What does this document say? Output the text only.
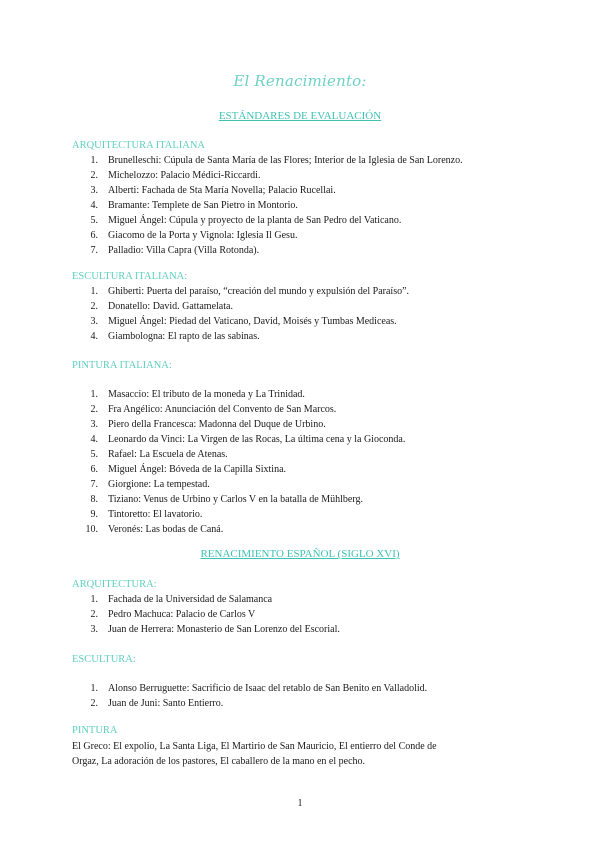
El Renacimiento:
ESTÁNDARES DE EVALUACIÓN
ARQUITECTURA ITALIANA
1. Brunelleschi: Cúpula de Santa María de las Flores; Interior de la Iglesia de San Lorenzo.
2. Michelozzo: Palacio Médici-Riccardi.
3. Alberti: Fachada de Sta María Novella; Palacio Rucellai.
4. Bramante: Templete de San Pietro in Montorio.
5. Miguel Ángel: Cúpula y proyecto de la planta de San Pedro del Vaticano.
6. Giacomo de la Porta y Vignola: Iglesia Il Gesu.
7. Palladio: Villa Capra (Villa Rotonda).
ESCULTURA ITALIANA:
1. Ghiberti: Puerta del paraíso, “creación del mundo y expulsión del Paraíso”.
2. Donatello: David. Gattamelata.
3. Miguel Ángel: Piedad del Vaticano, David, Moisés y Tumbas Mediceas.
4. Giambologna: El rapto de las sabinas.
PINTURA ITALIANA:
1. Masaccio: El tributo de la moneda y La Trinidad.
2. Fra Angélico: Anunciación del Convento de San Marcos.
3. Piero della Francesca: Madonna del Duque de Urbino.
4. Leonardo da Vinci: La Virgen de las Rocas, La última cena y la Gioconda.
5. Rafael: La Escuela de Atenas.
6. Miguel Ángel: Bóveda de la Capilla Sixtina.
7. Giorgione: La tempestad.
8. Tiziano: Venus de Urbino y Carlos V en la batalla de Mühlberg.
9. Tintoretto: El lavatorio.
10. Veronés: Las bodas de Caná.
RENACIMIENTO ESPAÑOL (SIGLO XVI)
ARQUITECTURA:
1. Fachada de la Universidad de Salamanca
2. Pedro Machuca: Palacio de Carlos V
3. Juan de Herrera: Monasterio de San Lorenzo del Escorial.
ESCULTURA:
1. Alonso Berruguette: Sacrificio de Isaac del retablo de San Benito en Valladolid.
2. Juan de Juni: Santo Entierro.
PINTURA
El Greco: El expolio, La Santa Liga, El Martirio de San Mauricio, El entierro del Conde de
Orgaz, La adoración de los pastores, El caballero de la mano en el pecho.
1
